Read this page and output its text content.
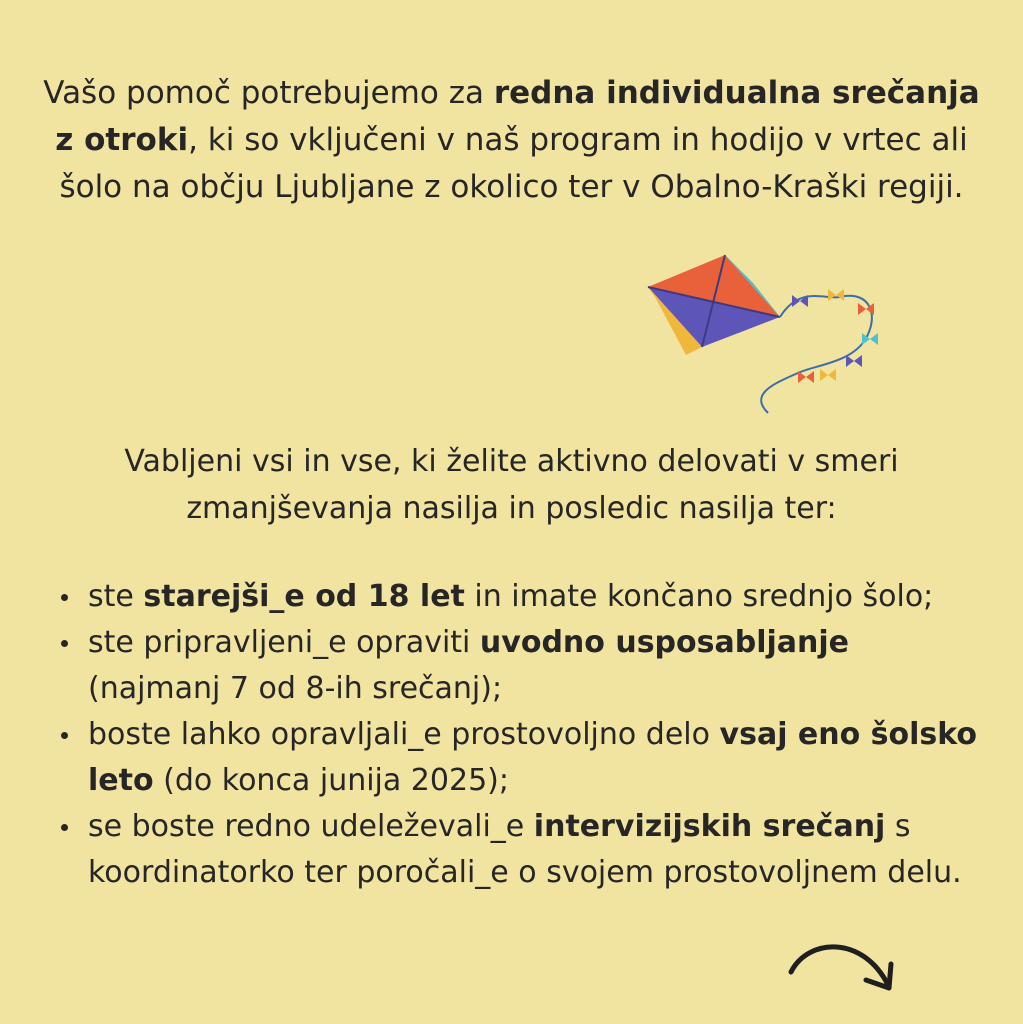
Vašo pomoč potrebujemo za redna individualna srečanja z otroki, ki so vključeni v naš program in hodijo v vrtec ali šolo na občju Ljubljane z okolico ter v Obalno-Kraški regiji.

Vabljeni vsi in vse, ki želite aktivno delovati v smeri zmanjševanja nasilja in posledic nasilja ter:

ste starejši_e od 18 let in imate končano srednjo šolo;
ste pripravljeni_e opraviti uvodno usposabljanje (najmanj 7 od 8-ih srečanj);
boste lahko opravljali_e prostovoljno delo vsaj eno šolsko leto (do konca junija 2025);
se boste redno udeleževali_e intervizijskih srečanj s koordinatorko ter poročali_e o svojem prostovoljnem delu.
